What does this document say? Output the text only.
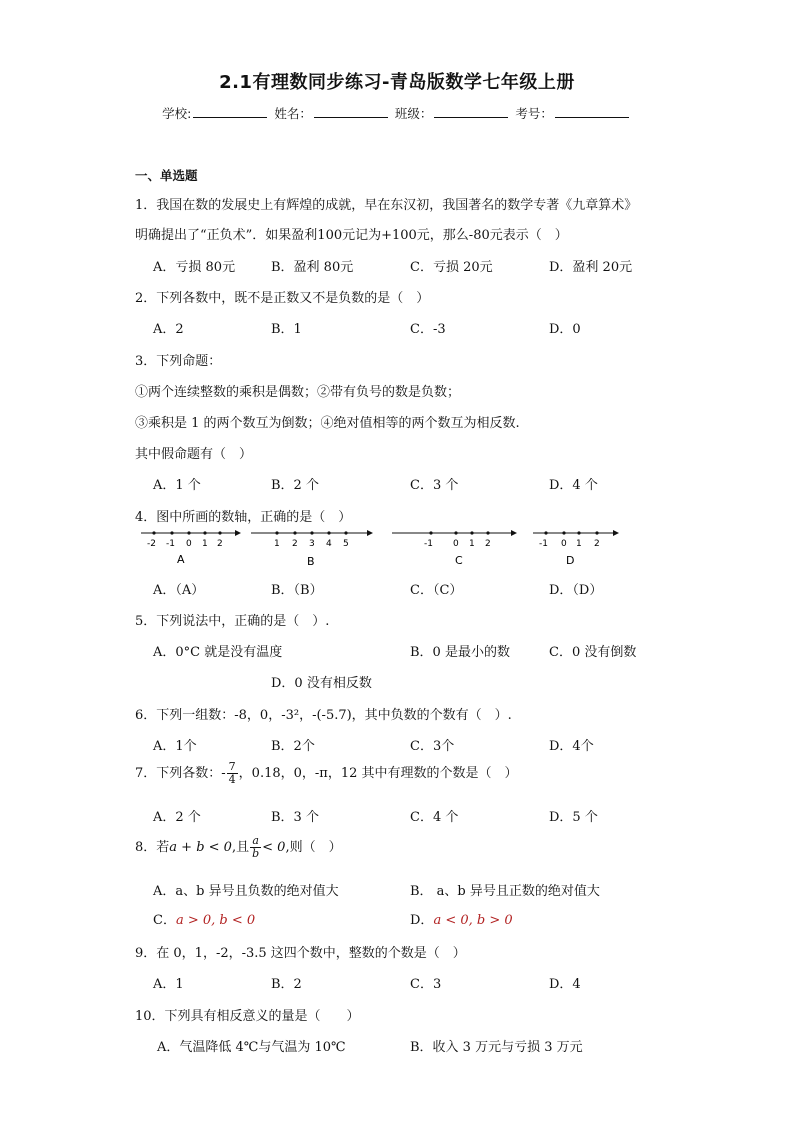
2.1有理数同步练习-青岛版数学七年级上册
学校:	姓名：	班级：	考号：
一、单选题
1．我国在数的发展史上有辉煌的成就，早在东汉初，我国著名的数学专著《九章算术》
明确提出了“正负术”．如果盈利100元记为+100元，那么-80元表示（　）
A．亏损 80元	B．盈利 80元	C．亏损 20元	D．盈利 20元
2．下列各数中，既不是正数又不是负数的是（　）
A．2	B．1	C．-3	D．0
3．下列命题：
①两个连续整数的乘积是偶数；②带有负号的数是负数；
③乘积是 1 的两个数互为倒数；④绝对值相等的两个数互为相反数.
其中假命题有（　）
A．1 个	B．2 个	C．3 个	D．4 个
4．图中所画的数轴，正确的是（　）
-2 -1 0 1 2
A
1 2 3 4 5
B
-1 0 1 2
C
-1 0 1 2
D
A．（A）	B．（B）	C．（C）	D．（D）
5．下列说法中，正确的是（　）.
A．0°C 就是没有温度	B．0 是最小的数	C．0 没有倒数
D．0 没有相反数
6．下列一组数：-8，0，-3²，-(-5.7)，其中负数的个数有（　）.
A．1个	B．2个	C．3个	D．4个
7．下列各数：- $\frac{7}{4}$ ，0.18，0，-π，12 其中有理数的个数是（　）
A．2 个	B．3 个	C．4 个	D．5 个
8．若a + b < 0,且 $\frac{a}{b} < 0$,则（　）
A．a、b 异号且负数的绝对值大	B． a、b 异号且正数的绝对值大
C．a > 0, b < 0	D．a < 0, b > 0
9．在 0，1，-2，-3.5 这四个数中，整数的个数是（　）
A．1	B．2	C．3	D．4
10．下列具有相反意义的量是（　　）
A．气温降低 4℃与气温为 10℃	B．收入 3 万元与亏损 3 万元
